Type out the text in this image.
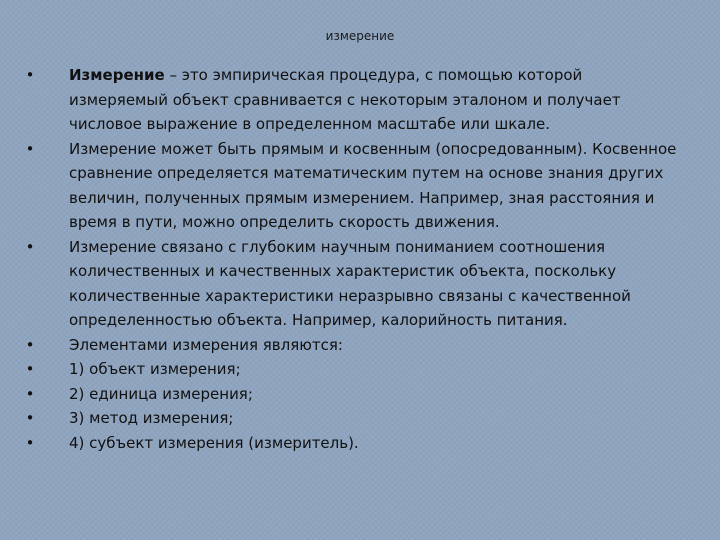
измерение
•	Измерение – это эмпирическая процедура, с помощью которой измеряемый объект сравнивается с некоторым эталоном и получает числовое выражение в определенном масштабе или шкале.
•	Измерение может быть прямым и косвенным (опосредованным). Косвенное сравнение определяется математическим путем на основе знания других величин, полученных прямым измерением. Например, зная расстояния и время в пути, можно определить скорость движения.
•	Измерение связано с глубоким научным пониманием соотношения количественных и качественных характеристик объекта, поскольку количественные характеристики неразрывно связаны с качественной определенностью объекта. Например, калорийность питания.
•	Элементами измерения являются:
•	1) объект измерения;
•	2) единица измерения;
•	3) метод измерения;
•	4) субъект измерения (измеритель).
